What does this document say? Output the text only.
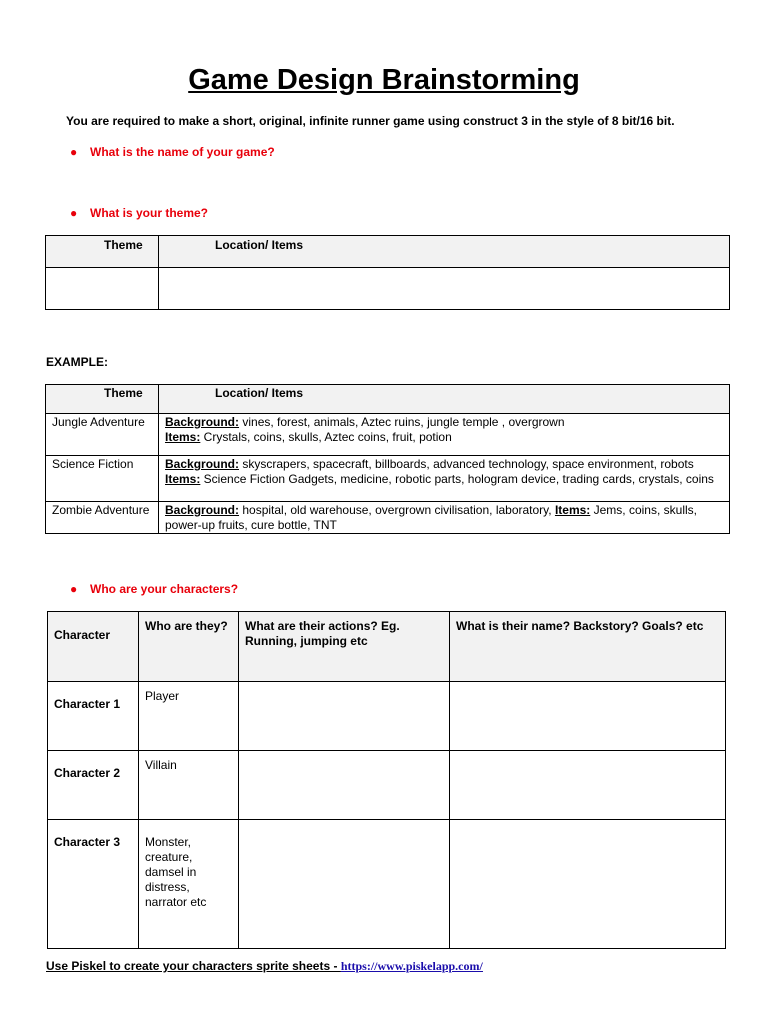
Game Design Brainstorming
You are required to make a short, original, infinite runner game using construct 3 in the style of 8 bit/16 bit.
● What is the name of your game?
● What is your theme?
Theme	Location/ Items

EXAMPLE:
Theme	Location/ Items
Jungle Adventure	Background: vines, forest, animals, Aztec ruins, jungle temple , overgrown
Items: Crystals, coins, skulls, Aztec coins, fruit, potion
Science Fiction	Background: skyscrapers, spacecraft, billboards, advanced technology, space environment, robots
Items: Science Fiction Gadgets, medicine, robotic parts, hologram device, trading cards, crystals, coins
Zombie Adventure	Background: hospital, old warehouse, overgrown civilisation, laboratory, Items: Jems, coins, skulls, power-up fruits, cure bottle, TNT
● Who are your characters?
Character	Who are they?	What are their actions? Eg. Running, jumping etc	What is their name? Backstory? Goals? etc
Character 1	Player		
Character 2	Villain		
Character 3	Monster, creature, damsel in distress, narrator etc		
Use Piskel to create your characters sprite sheets - https://www.piskelapp.com/
